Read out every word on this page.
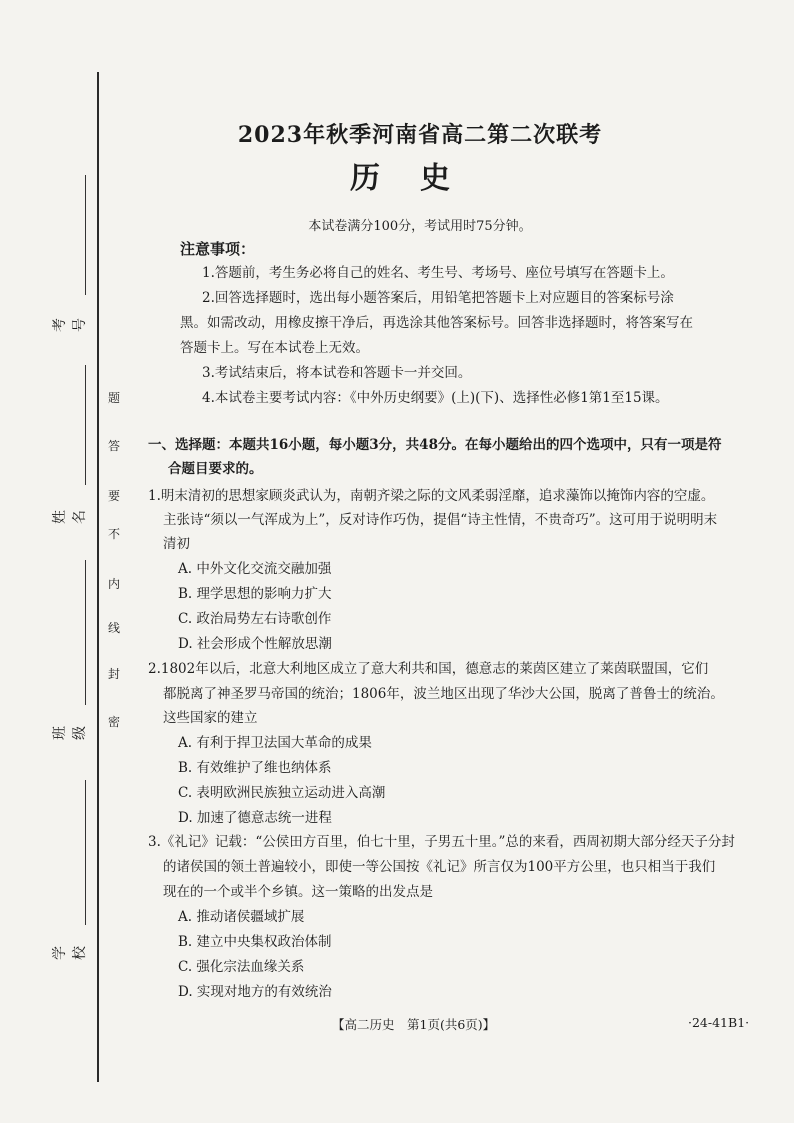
题
答
要
不
内
线
封
密
考号
姓名
班级
学校
2023年秋季河南省高二第二次联考
历史
本试卷满分100分，考试用时75分钟。
注意事项：
1.答题前，考生务必将自己的姓名、考生号、考场号、座位号填写在答题卡上。
2.回答选择题时，选出每小题答案后，用铅笔把答题卡上对应题目的答案标号涂
黑。如需改动，用橡皮擦干净后，再选涂其他答案标号。回答非选择题时，将答案写在
答题卡上。写在本试卷上无效。
3.考试结束后，将本试卷和答题卡一并交回。
4.本试卷主要考试内容：《中外历史纲要》(上)(下)、选择性必修1第1至15课。
一、选择题：本题共16小题，每小题3分，共48分。在每小题给出的四个选项中，只有一项是符
合题目要求的。
1.明末清初的思想家顾炎武认为，南朝齐梁之际的文风柔弱淫靡，追求藻饰以掩饰内容的空虚。
主张诗“须以一气浑成为上”，反对诗作巧伪，提倡“诗主性情，不贵奇巧”。这可用于说明明末
清初
A. 中外文化交流交融加强
B. 理学思想的影响力扩大
C. 政治局势左右诗歌创作
D. 社会形成个性解放思潮
2.1802年以后，北意大利地区成立了意大利共和国，德意志的莱茵区建立了莱茵联盟国，它们
都脱离了神圣罗马帝国的统治；1806年，波兰地区出现了华沙大公国，脱离了普鲁士的统治。
这些国家的建立
A. 有利于捍卫法国大革命的成果
B. 有效维护了维也纳体系
C. 表明欧洲民族独立运动进入高潮
D. 加速了德意志统一进程
3.《礼记》记载：“公侯田方百里，伯七十里，子男五十里。”总的来看，西周初期大部分经天子分封
的诸侯国的领土普遍较小，即使一等公国按《礼记》所言仅为100平方公里，也只相当于我们
现在的一个或半个乡镇。这一策略的出发点是
A. 推动诸侯疆域扩展
B. 建立中央集权政治体制
C. 强化宗法血缘关系
D. 实现对地方的有效统治
【高二历史　第1页(共6页)】	·24-41B1·
